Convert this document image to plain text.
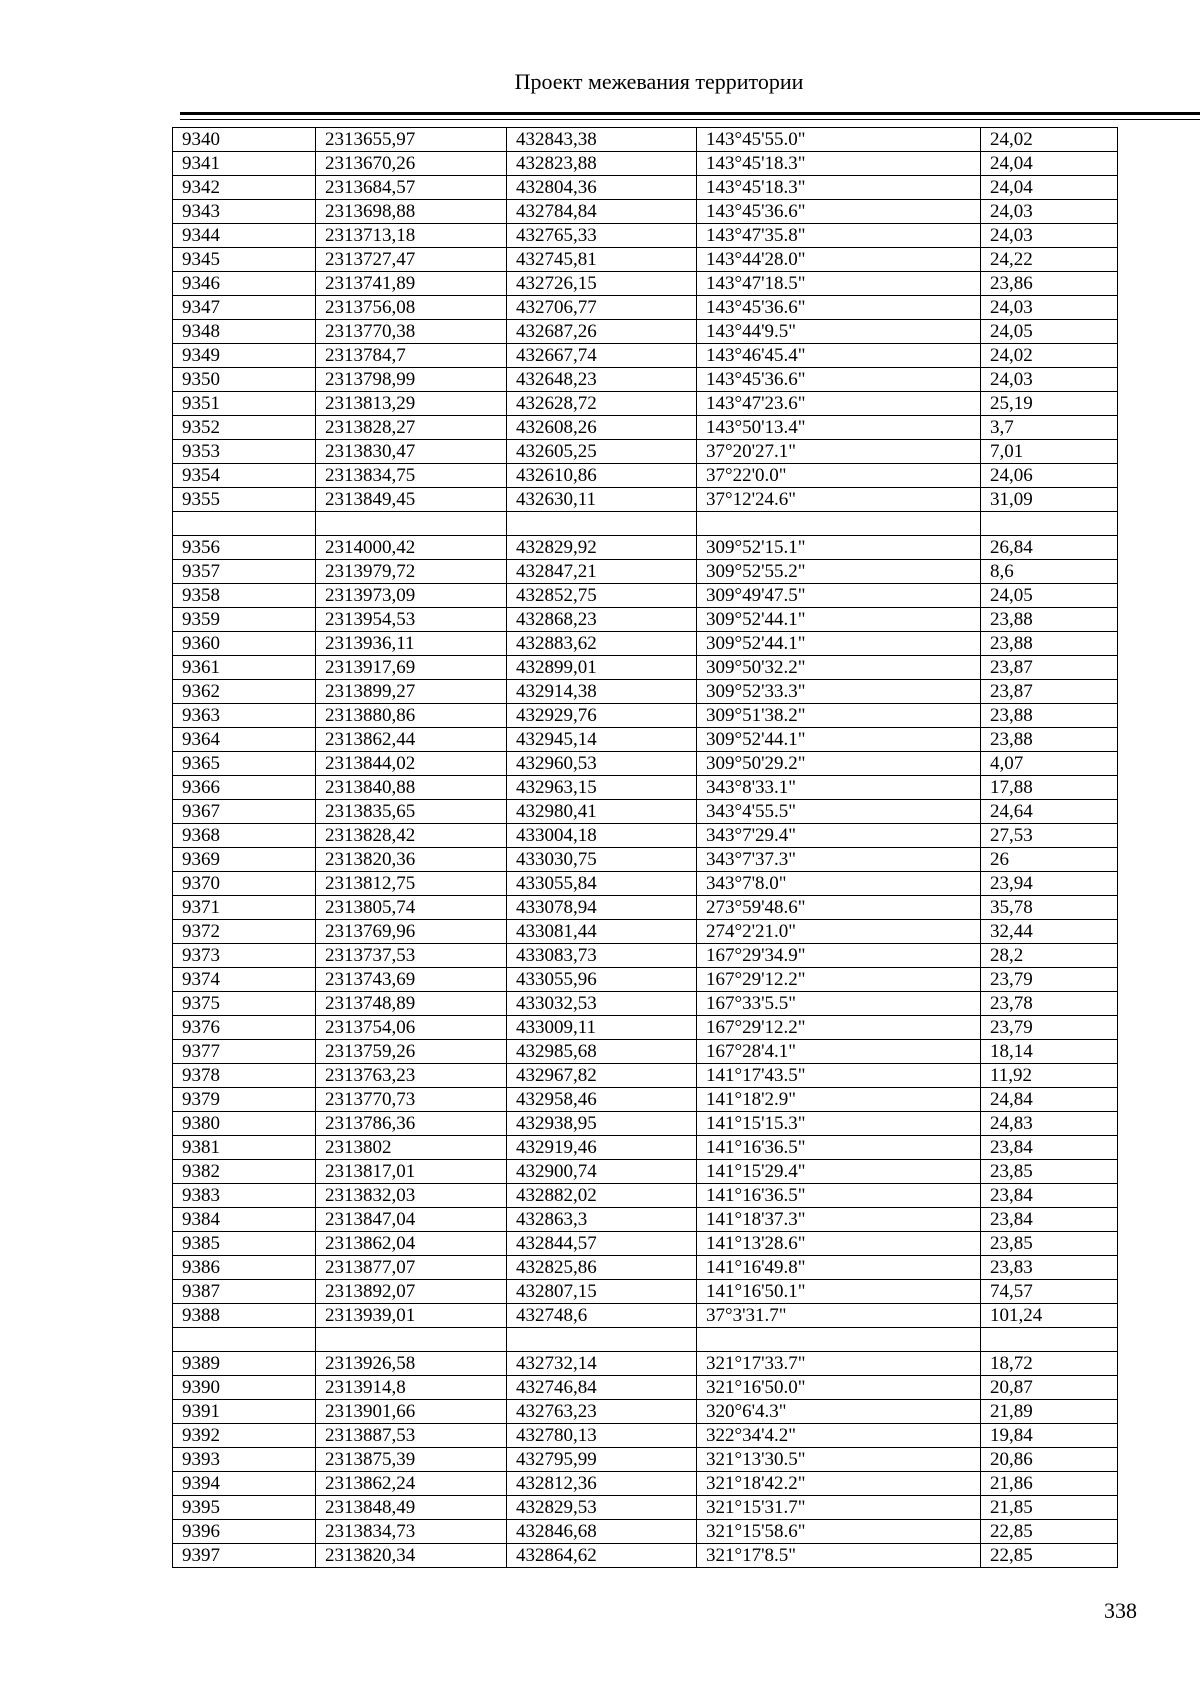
Проект межевания территории
9340	2313655,97	432843,38	143°45'55.0"	24,02
9341	2313670,26	432823,88	143°45'18.3"	24,04
9342	2313684,57	432804,36	143°45'18.3"	24,04
9343	2313698,88	432784,84	143°45'36.6"	24,03
9344	2313713,18	432765,33	143°47'35.8"	24,03
9345	2313727,47	432745,81	143°44'28.0"	24,22
9346	2313741,89	432726,15	143°47'18.5"	23,86
9347	2313756,08	432706,77	143°45'36.6"	24,03
9348	2313770,38	432687,26	143°44'9.5"	24,05
9349	2313784,7	432667,74	143°46'45.4"	24,02
9350	2313798,99	432648,23	143°45'36.6"	24,03
9351	2313813,29	432628,72	143°47'23.6"	25,19
9352	2313828,27	432608,26	143°50'13.4"	3,7
9353	2313830,47	432605,25	37°20'27.1"	7,01
9354	2313834,75	432610,86	37°22'0.0"	24,06
9355	2313849,45	432630,11	37°12'24.6"	31,09

9356	2314000,42	432829,92	309°52'15.1"	26,84
9357	2313979,72	432847,21	309°52'55.2"	8,6
9358	2313973,09	432852,75	309°49'47.5"	24,05
9359	2313954,53	432868,23	309°52'44.1"	23,88
9360	2313936,11	432883,62	309°52'44.1"	23,88
9361	2313917,69	432899,01	309°50'32.2"	23,87
9362	2313899,27	432914,38	309°52'33.3"	23,87
9363	2313880,86	432929,76	309°51'38.2"	23,88
9364	2313862,44	432945,14	309°52'44.1"	23,88
9365	2313844,02	432960,53	309°50'29.2"	4,07
9366	2313840,88	432963,15	343°8'33.1"	17,88
9367	2313835,65	432980,41	343°4'55.5"	24,64
9368	2313828,42	433004,18	343°7'29.4"	27,53
9369	2313820,36	433030,75	343°7'37.3"	26
9370	2313812,75	433055,84	343°7'8.0"	23,94
9371	2313805,74	433078,94	273°59'48.6"	35,78
9372	2313769,96	433081,44	274°2'21.0"	32,44
9373	2313737,53	433083,73	167°29'34.9"	28,2
9374	2313743,69	433055,96	167°29'12.2"	23,79
9375	2313748,89	433032,53	167°33'5.5"	23,78
9376	2313754,06	433009,11	167°29'12.2"	23,79
9377	2313759,26	432985,68	167°28'4.1"	18,14
9378	2313763,23	432967,82	141°17'43.5"	11,92
9379	2313770,73	432958,46	141°18'2.9"	24,84
9380	2313786,36	432938,95	141°15'15.3"	24,83
9381	2313802	432919,46	141°16'36.5"	23,84
9382	2313817,01	432900,74	141°15'29.4"	23,85
9383	2313832,03	432882,02	141°16'36.5"	23,84
9384	2313847,04	432863,3	141°18'37.3"	23,84
9385	2313862,04	432844,57	141°13'28.6"	23,85
9386	2313877,07	432825,86	141°16'49.8"	23,83
9387	2313892,07	432807,15	141°16'50.1"	74,57
9388	2313939,01	432748,6	37°3'31.7"	101,24

9389	2313926,58	432732,14	321°17'33.7"	18,72
9390	2313914,8	432746,84	321°16'50.0"	20,87
9391	2313901,66	432763,23	320°6'4.3"	21,89
9392	2313887,53	432780,13	322°34'4.2"	19,84
9393	2313875,39	432795,99	321°13'30.5"	20,86
9394	2313862,24	432812,36	321°18'42.2"	21,86
9395	2313848,49	432829,53	321°15'31.7"	21,85
9396	2313834,73	432846,68	321°15'58.6"	22,85
9397	2313820,34	432864,62	321°17'8.5"	22,85
338
